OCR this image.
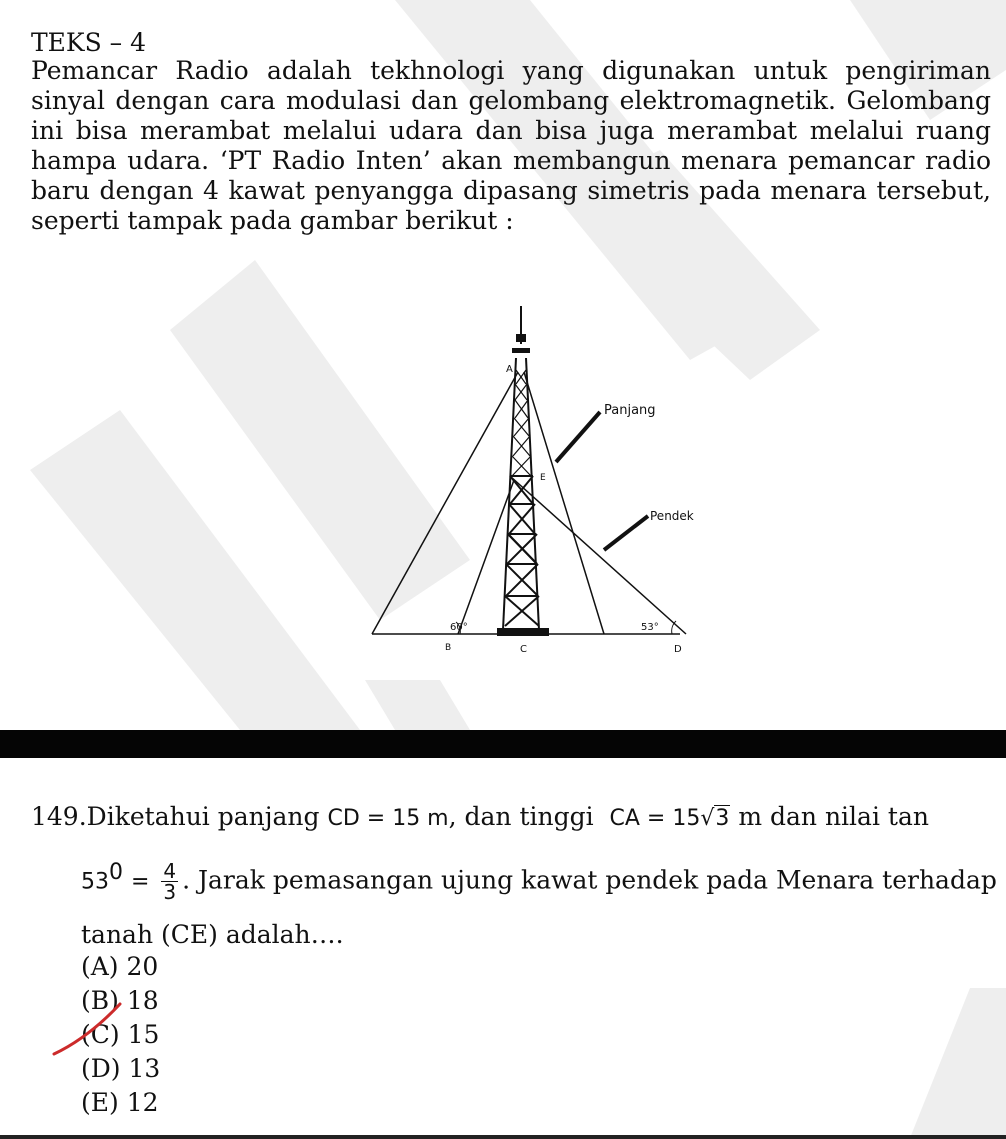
TEKS – 4

Pemancar Radio adalah tekhnologi yang digunakan untuk pengiriman sinyal dengan cara modulasi dan gelombang elektromagnetik. Gelombang ini bisa merambat melalui udara dan bisa juga merambat melalui ruang hampa udara. ‘PT Radio Inten’ akan membangun menara pemancar radio baru dengan 4 kawat penyangga dipasang simetris pada menara tersebut, seperti tampak pada gambar berikut :

Panjang
Pendek
A
E
60°	53°
B	C	D

149.Diketahui panjang CD = 15 m, dan tinggi CA = 15√3 m dan nilai tan

$53^0 = \frac{4}{3}$ . Jarak pemasangan ujung kawat pendek pada Menara terhadap

tanah (CE) adalah….

(A) 20
(B) 18
(C) 15
(D) 13
(E) 12
